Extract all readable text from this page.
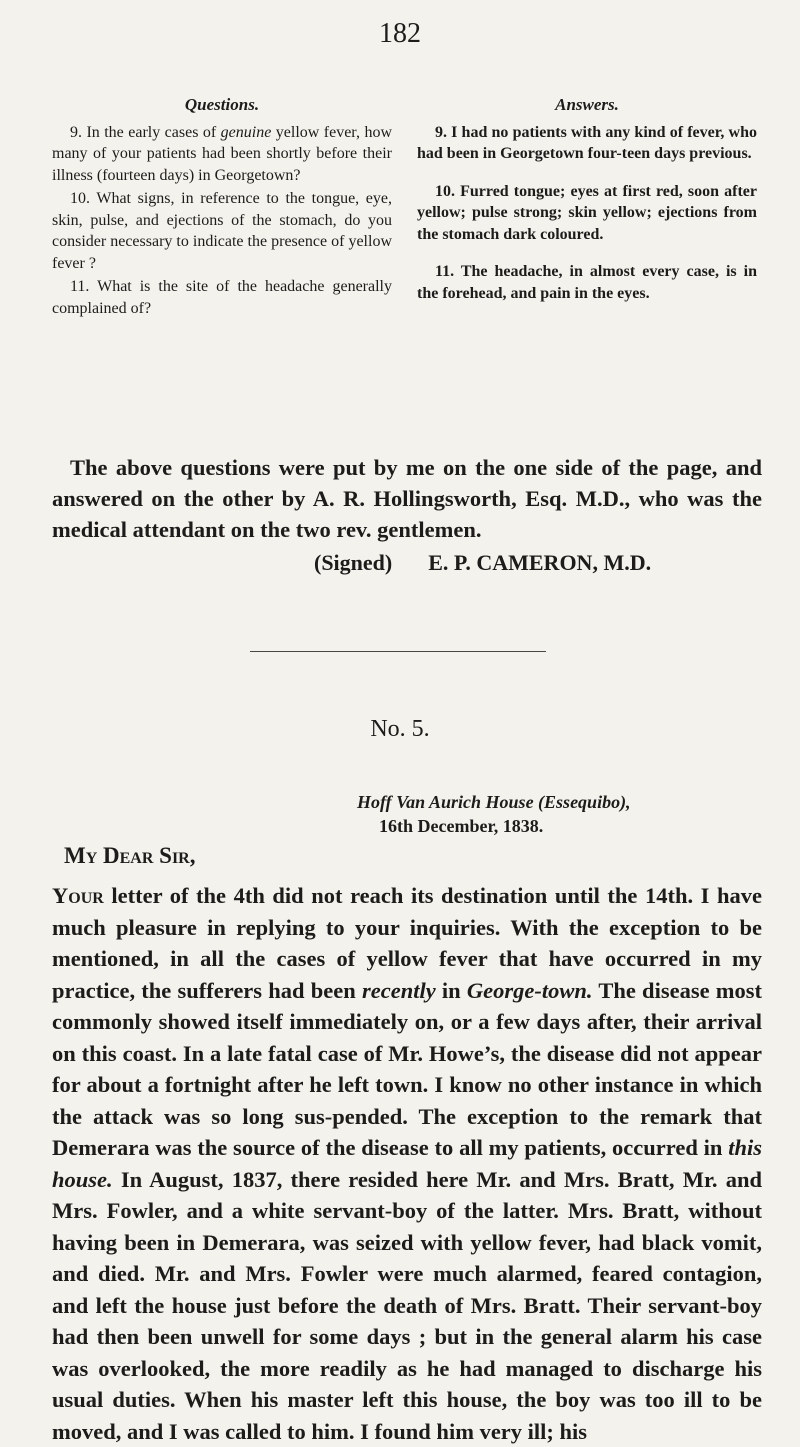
182
Questions.

9. In the early cases of genuine yellow fever, how many of your patients had been shortly before their illness (fourteen days) in Georgetown?

10. What signs, in reference to the tongue, eye, skin, pulse, and ejections of the stomach, do you consider necessary to indicate the presence of yellow fever ?

11. What is the site of the headache generally complained of?

Answers.

9. I had no patients with any kind of fever, who had been in Georgetown four-teen days previous.

10. Furred tongue; eyes at first red, soon after yellow; pulse strong; skin yellow; ejections from the stomach dark coloured.

11. The headache, in almost every case, is in the forehead, and pain in the eyes.

The above questions were put by me on the one side of the page, and answered on the other by A. R. Hollingsworth, Esq. M.D., who was the medical attendant on the two rev. gentlemen.

(Signed) E. P. CAMERON, M.D.
No. 5.
Hoff Van Aurich House (Essequibo),
16th December, 1838.
My Dear Sir,

Your letter of the 4th did not reach its destination until the 14th. I have much pleasure in replying to your inquiries. With the exception to be mentioned, in all the cases of yellow fever that have occurred in my practice, the sufferers had been recently in George-town. The disease most commonly showed itself immediately on, or a few days after, their arrival on this coast. In a late fatal case of Mr. Howe’s, the disease did not appear for about a fortnight after he left town. I know no other instance in which the attack was so long sus-pended. The exception to the remark that Demerara was the source of the disease to all my patients, occurred in this house. In August, 1837, there resided here Mr. and Mrs. Bratt, Mr. and Mrs. Fowler, and a white servant-boy of the latter. Mrs. Bratt, without having been in Demerara, was seized with yellow fever, had black vomit, and died. Mr. and Mrs. Fowler were much alarmed, feared contagion, and left the house just before the death of Mrs. Bratt. Their servant-boy had then been unwell for some days ; but in the general alarm his case was overlooked, the more readily as he had managed to discharge his usual duties. When his master left this house, the boy was too ill to be moved, and I was called to him. I found him very ill; his
